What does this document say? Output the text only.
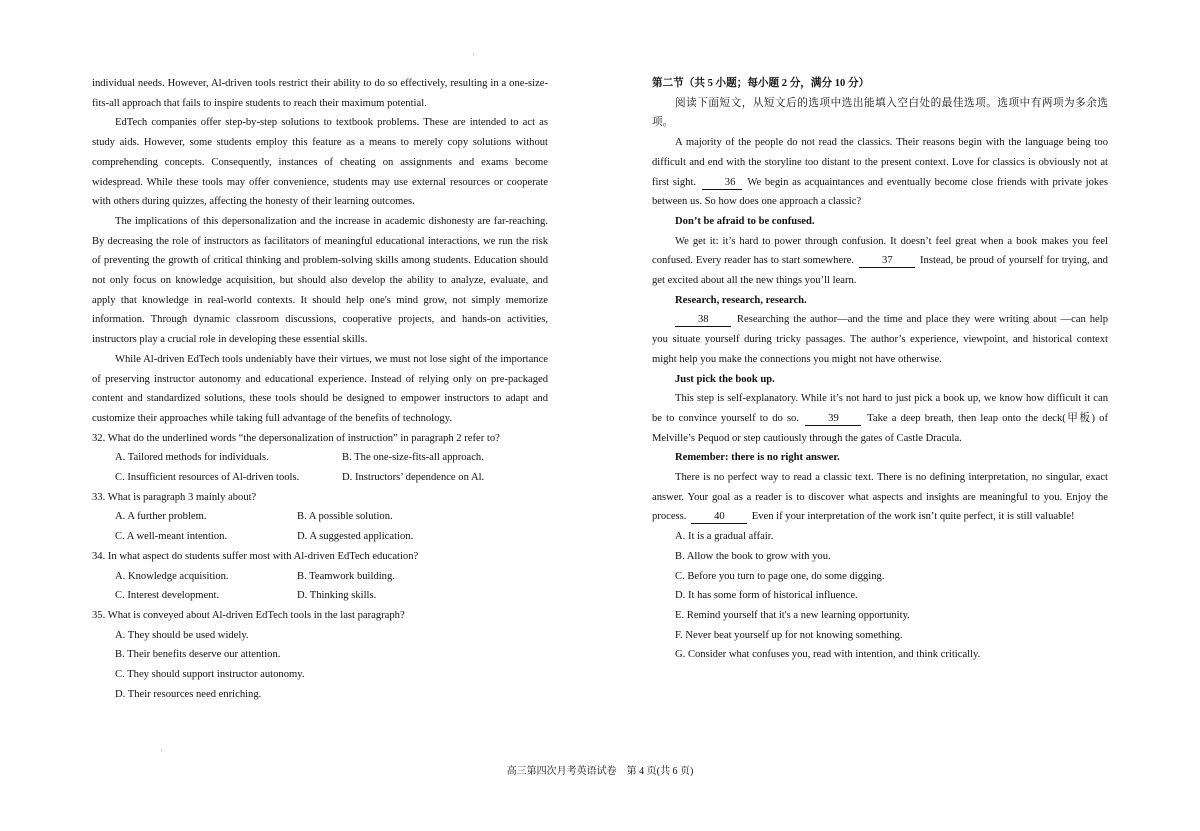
·
·

individual needs. However, Al-driven tools restrict their ability to do so effectively, resulting in a one-size-fits-all approach that fails to inspire students to reach their maximum potential.

EdTech companies offer step-by-step solutions to textbook problems. These are intended to act as study aids. However, some students employ this feature as a means to merely copy solutions without comprehending concepts. Consequently, instances of cheating on assignments and exams become widespread. While these tools may offer convenience, students may use external resources or cooperate with others during quizzes, affecting the honesty of their learning outcomes.

The implications of this depersonalization and the increase in academic dishonesty are far-reaching. By decreasing the role of instructors as facilitators of meaningful educational interactions, we run the risk of preventing the growth of critical thinking and problem-solving skills among students. Education should not only focus on knowledge acquisition, but should also develop the ability to analyze, evaluate, and apply that knowledge in real-world contexts. It should help one's mind grow, not simply memorize information. Through dynamic classroom discussions, cooperative projects, and hands-on activities, instructors play a crucial role in developing these essential skills.

While Al-driven EdTech tools undeniably have their virtues, we must not lose sight of the importance of preserving instructor autonomy and educational experience. Instead of relying only on pre-packaged content and standardized solutions, these tools should be designed to empower instructors to adapt and customize their approaches while taking full advantage of the benefits of technology.

32. What do the underlined words “the depersonalization of instruction” in paragraph 2 refer to?

A. Tailored methods for individuals.	B. The one-size-fits-all approach.
C. Insufficient resources of Al-driven tools.	D. Instructors’ dependence on Al.

33. What is paragraph 3 mainly about?

A. A further problem.	B. A possible solution.
C. A well-meant intention.	D. A suggested application.

34. In what aspect do students suffer most with Al-driven EdTech education?

A. Knowledge acquisition.	B. Teamwork building.
C. Interest development.	D. Thinking skills.

35. What is conveyed about Al-driven EdTech tools in the last paragraph?

A. They should be used widely.

B. Their benefits deserve our attention.

C. They should support instructor autonomy.

D. Their resources need enriching.

第二节（共 5 小题；每小题 2 分，满分 10 分）

阅读下面短文，从短文后的选项中选出能填入空白处的最佳选项。选项中有两项为多余选项。

A majority of the people do not read the classics. Their reasons begin with the language being too difficult and end with the storyline too distant to the present context. Love for classics is obviously not at first sight.	36 We begin as acquaintances and eventually become close friends with private jokes between us. So how does one approach a classic?

Don’t be afraid to be confused.

We get it: it’s hard to power through confusion. It doesn’t feel great when a book makes you feel confused. Every reader has to start somewhere.	37	Instead, be proud of yourself for trying, and get excited about all the new things you’ll learn.

Research, research, research.

38	Researching the author—and the time and place they were writing about —can help you situate yourself during tricky passages. The author’s experience, viewpoint, and historical context might help you make the connections you might not have otherwise.

Just pick the book up.

This step is self-explanatory. While it’s not hard to just pick a book up, we know how difficult it can be to convince yourself to do so.	39	Take a deep breath, then leap onto the deck(甲板) of Melville’s Pequod or step cautiously through the gates of Castle Dracula.

Remember: there is no right answer.

There is no perfect way to read a classic text. There is no defining interpretation, no singular, exact answer. Your goal as a reader is to discover what aspects and insights are meaningful to you. Enjoy the process.	40	Even if your interpretation of the work isn’t quite perfect, it is still valuable!

A. It is a gradual affair.

B. Allow the book to grow with you.

C. Before you turn to page one, do some digging.

D. It has some form of historical influence.

E. Remind yourself that it's a new learning opportunity.

F. Never beat yourself up for not knowing something.

G. Consider what confuses you, read with intention, and think critically.

高三第四次月考英语试卷　第 4 页(共 6 页)
